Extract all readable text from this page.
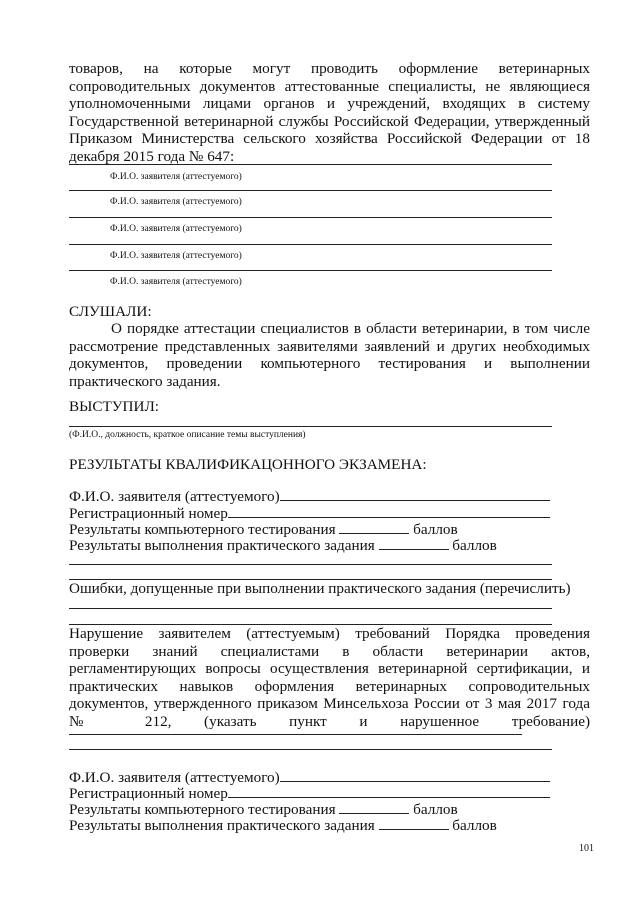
товаров, на которые могут проводить оформление ветеринарных сопроводительных документов аттестованные специалисты, не являющиеся уполномоченными лицами органов и учреждений, входящих в систему Государственной ветеринарной службы Российской Федерации, утвержденный Приказом Министерства сельского хозяйства Российской Федерации от 18 декабря 2015 года № 647:

Ф.И.О. заявителя (аттестуемого)
Ф.И.О. заявителя (аттестуемого)
Ф.И.О. заявителя (аттестуемого)
Ф.И.О. заявителя (аттестуемого)
Ф.И.О. заявителя (аттестуемого)
СЛУШАЛИ:

О порядке аттестации специалистов в области ветеринарии, в том числе рассмотрение представленных заявителями заявлений и других необходимых документов, проведении компьютерного тестирования и выполнении практического задания.

ВЫСТУПИЛ:
(Ф.И.О., должность, краткое описание темы выступления)
РЕЗУЛЬТАТЫ КВАЛИФИКАЦОННОГО ЭКЗАМЕНА:
Ф.И.О. заявителя (аттестуемого)
Регистрационный номер
Результаты компьютерного тестирования	баллов
Результаты выполнения практического задания	баллов
Ошибки, допущенные при выполнении практического задания (перечислить)

Нарушение заявителем (аттестуемым) требований Порядка проведения проверки знаний специалистами в области ветеринарии актов, регламентирующих вопросы осуществления ветеринарной сертификации, и практических навыков оформления ветеринарных сопроводительных документов, утвержденного приказом Минсельхоза России от 3 мая 2017 года № 212, (указать пункт и нарушенное требование)

Ф.И.О. заявителя (аттестуемого)
Регистрационный номер
Результаты компьютерного тестирования	баллов
Результаты выполнения практического задания	баллов
101
